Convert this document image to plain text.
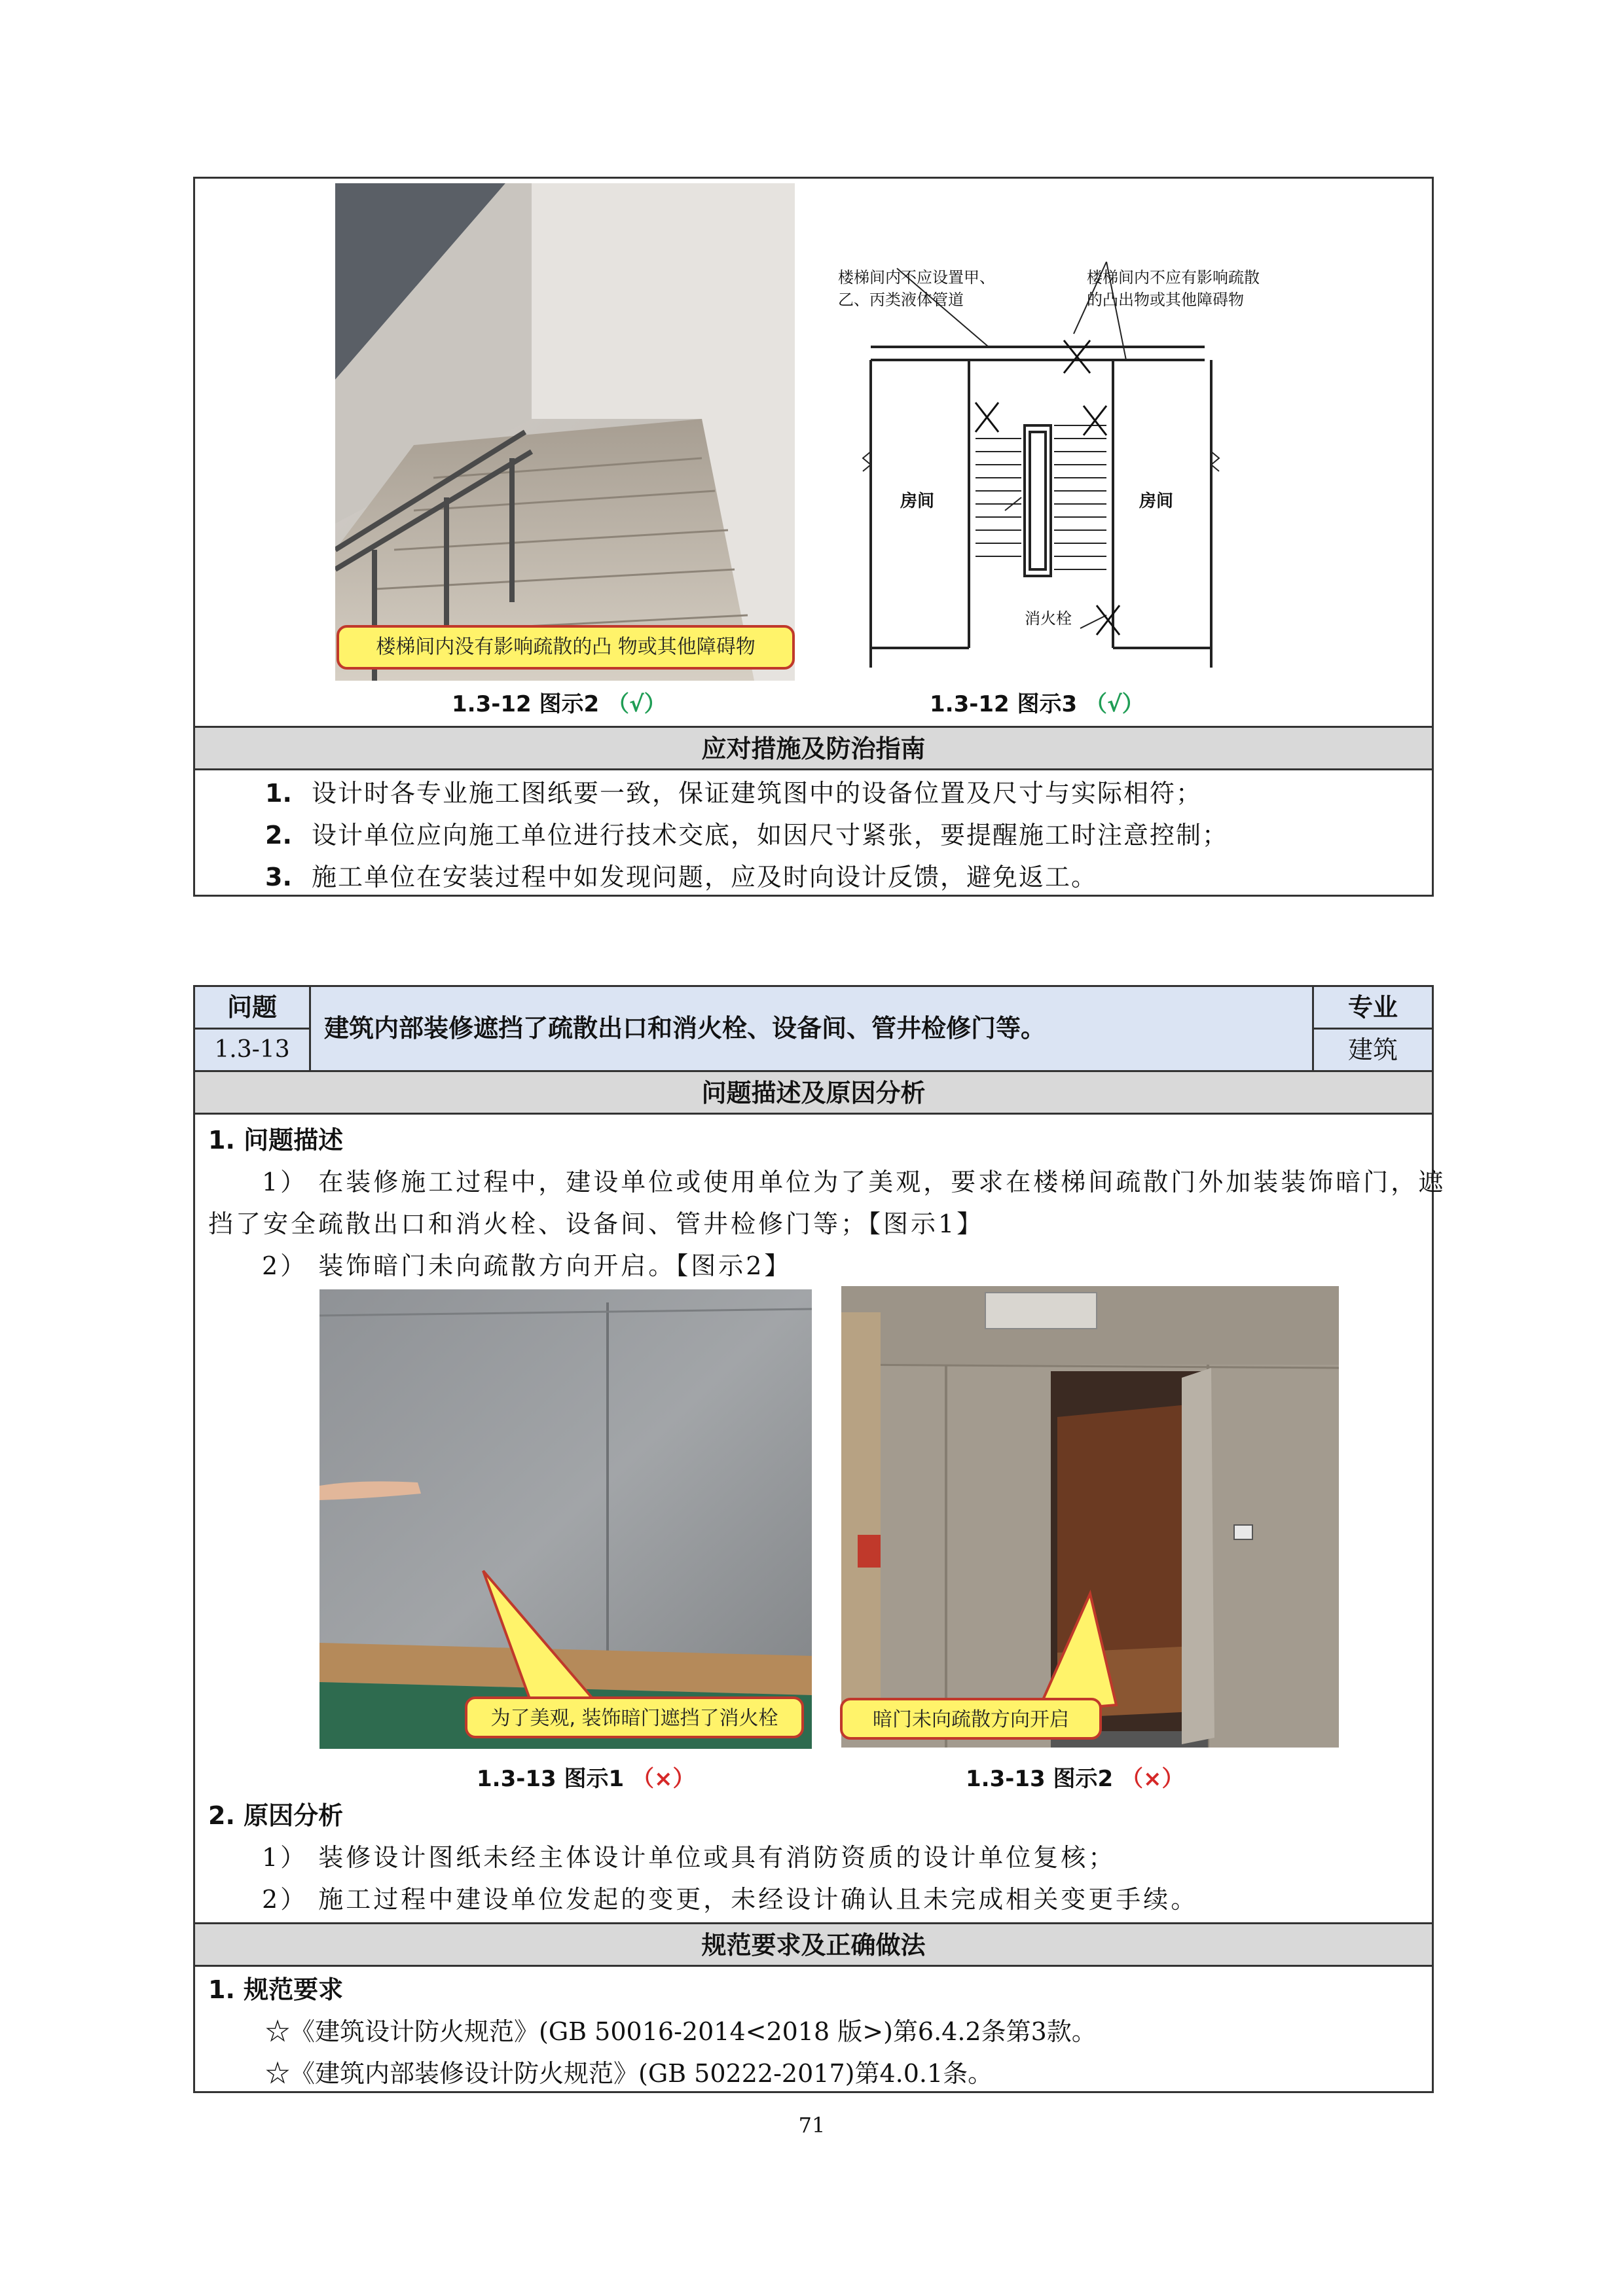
楼梯间内没有影响疏散的凸 物或其他障碍物
1.3-12 图示2 （√）
楼梯间内不应设置甲、
乙、丙类液体管道
楼梯间内不应有影响疏散
的凸出物或其他障碍物
房间	房间
消火栓
1.3-12 图示3 （√）
应对措施及防治指南
1. 设计时各专业施工图纸要一致，保证建筑图中的设备位置及尺寸与实际相符；
2. 设计单位应向施工单位进行技术交底，如因尺寸紧张，要提醒施工时注意控制；
3. 施工单位在安装过程中如发现问题，应及时向设计反馈，避免返工。
问题
1.3-13
建筑内部装修遮挡了疏散出口和消火栓、设备间、管井检修门等。
专业
建筑
问题描述及原因分析
1. 问题描述
1） 在装修施工过程中，建设单位或使用单位为了美观，要求在楼梯间疏散门外加装装饰暗门，遮
挡了安全疏散出口和消火栓、设备间、管井检修门等；【图示1】
2） 装饰暗门未向疏散方向开启。【图示2】
为了美观, 装饰暗门遮挡了消火栓
1.3-13 图示1 （×）
暗门未向疏散方向开启
1.3-13 图示2 （×）
2. 原因分析
1） 装修设计图纸未经主体设计单位或具有消防资质的设计单位复核；
2） 施工过程中建设单位发起的变更，未经设计确认且未完成相关变更手续。
规范要求及正确做法
1. 规范要求
☆《建筑设计防火规范》(GB 50016-2014<2018 版>)第6.4.2条第3款。
☆《建筑内部装修设计防火规范》(GB 50222-2017)第4.0.1条。
71
